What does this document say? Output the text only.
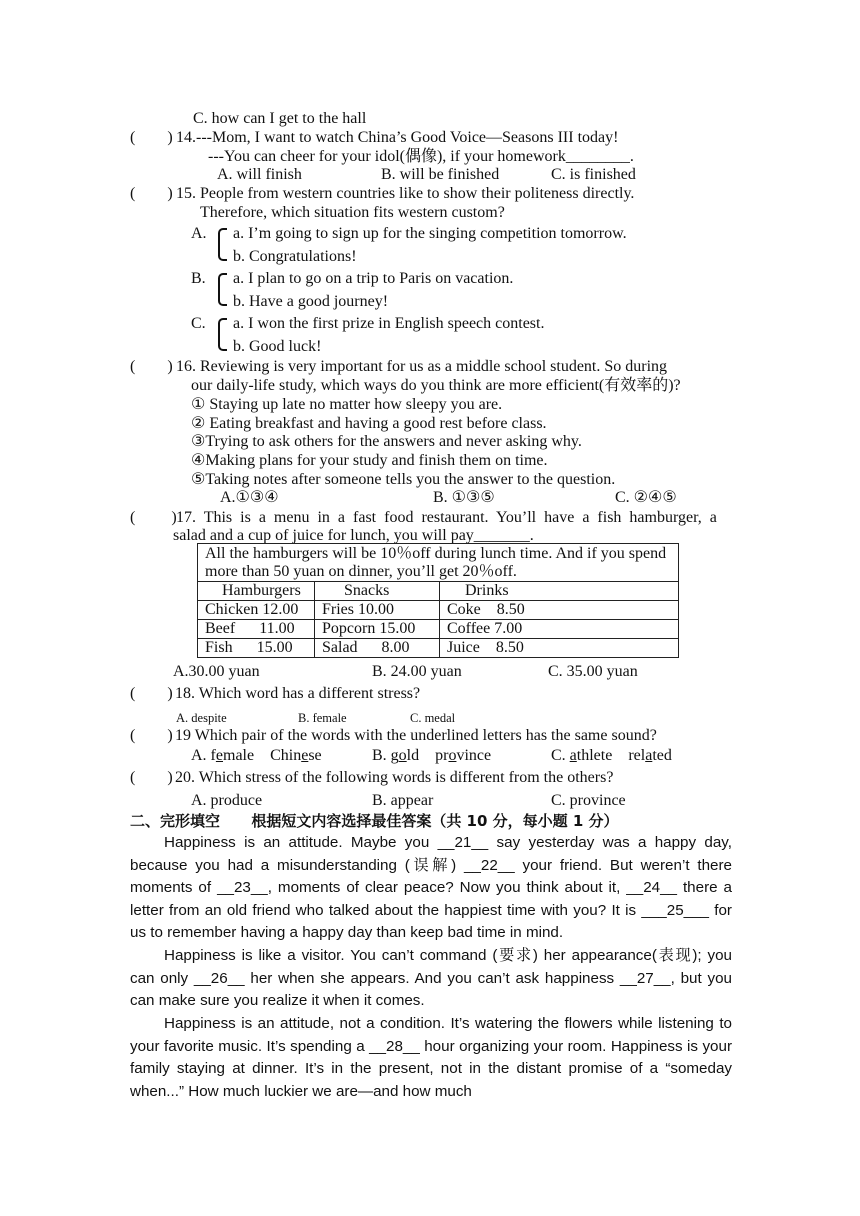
C. how can I get to the hall
(        ) 14.---Mom, I want to watch China’s Good Voice—Seasons III today!
---You can cheer for your idol(偶像), if your homework________.
A. will finish	B. will be finished	C. is finished
(        ) 15. People from western countries like to show their politeness directly.
Therefore, which situation fits western custom?
A. a. I’m going to sign up for the singing competition tomorrow.
b. Congratulations!
B. a. I plan to go on a trip to Paris on vacation.
b. Have a good journey!
C. a. I won the first prize in English speech contest.
b. Good luck!
(        ) 16. Reviewing is very important for us as a middle school student. So during
our daily-life study, which ways do you think are more efficient(有效率的)?
① Staying up late no matter how sleepy you are.
② Eating breakfast and having a good rest before class.
③Trying to ask others for the answers and never asking why.
④Making plans for your study and finish them on time.
⑤Taking notes after someone tells you the answer to the question.
A.①③④	B. ①③⑤	C. ②④⑤
(         ) 17.  This  is  a  menu  in  a  fast  food  restaurant.  You’ll  have  a  fish  hamburger,  a
salad and a cup of juice for lunch, you will pay_______.
All the hamburgers will be 10％off during lunch time. And if you spend more than 50 yuan on dinner, you’ll get 20％off.		
Hamburgers	Snacks	Drinks
Chicken 12.00	Fries 10.00	Coke    8.50
Beef      11.00	Popcorn 15.00	Coffee 7.00
Fish      15.00	Salad      8.00	Juice    8.50
A.30.00 yuan	B. 24.00 yuan	C. 35.00 yuan
(        )
18. Which word has a different stress?
A. despite	B. female	C. medal
(        )
19 Which pair of the words with the underlined letters has the same sound?
A. female    Chinese	B. gold    province	C. athlete    related
(        )
20. Which stress of the following words is different from the others?
A. produce	B. appear	C. province
二、完形填空      根据短文内容选择最佳答案（共 10 分，每小题 1 分）
Happiness is an attitude. Maybe you __21__ say yesterday was a happy day, because you had a misunderstanding (误解) __22__ your friend. But weren’t there moments of __23__, moments of clear peace? Now you think about it, __24__ there a letter from an old friend who talked about the happiest time with you? It is ___25___ for us to remember having a happy day than keep bad time in mind.
Happiness is like a visitor. You can’t command (要求) her appearance(表现); you can only __26__ her when she appears. And you can’t ask happiness __27__, but you can make sure you realize it when it comes.
Happiness is an attitude, not a condition. It’s watering the flowers while listening to your favorite music. It’s spending a __28__ hour organizing your room. Happiness is your family staying at dinner. It’s in the present, not in the distant promise of a “someday when...” How much luckier we are—and how much
